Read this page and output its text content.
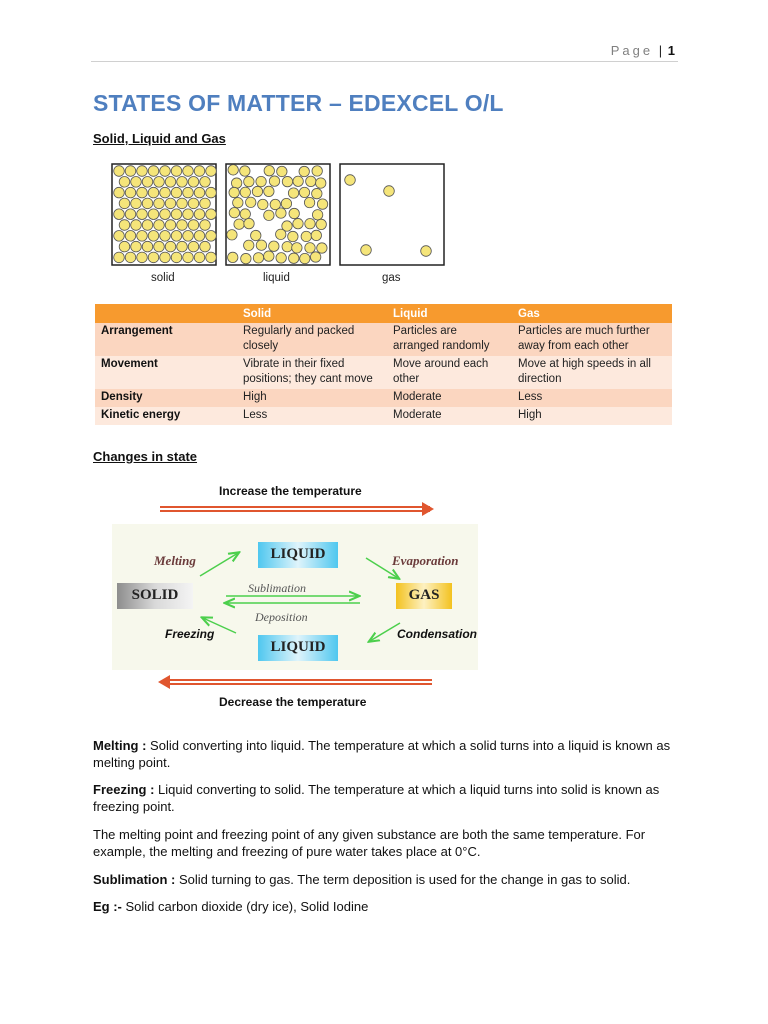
Page | 1
STATES OF MATTER – EDEXCEL O/L
Solid, Liquid and Gas
solid	liquid	gas
	Solid	Liquid	Gas
Arrangement	Regularly and packed closely	Particles are arranged randomly	Particles are much further away from each other
Movement	Vibrate in their fixed positions; they cant move	Move around each other	Move at high speeds in all direction
Density	High	Moderate	Less
Kinetic energy	Less	Moderate	High
Changes in state
Increase the temperature
Decrease the temperature
SOLID
LIQUID
LIQUID
GAS
Melting	Evaporation
Sublimation
Deposition
Freezing	Condensation
Melting : Solid converting into liquid. The temperature at which a solid turns into a liquid is known as melting point.
Freezing : Liquid converting to solid. The temperature at which a liquid turns into solid is known as freezing point.
The melting point and freezing point of any given substance are both the same temperature. For example, the melting and freezing of pure water takes place at 0°C.
Sublimation : Solid turning to gas. The term deposition is used for the change in gas to solid.
Eg :- Solid carbon dioxide (dry ice), Solid Iodine
